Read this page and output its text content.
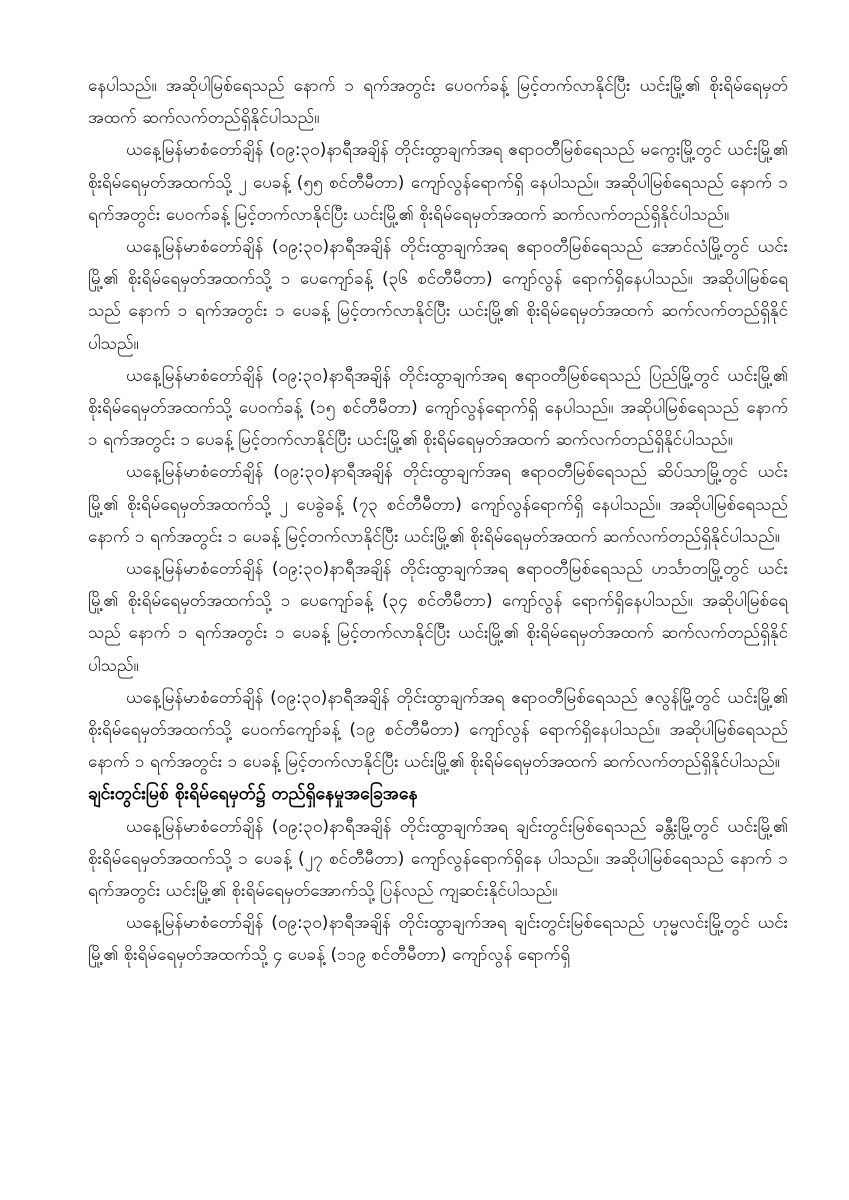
နေပါသည်။ အဆိုပါမြစ်ရေသည် နောက် ၁ ရက်အတွင်း ပေ၀က်ခန့် မြင့်တက်လာနိုင်ပြီး ယင်းမြို့၏ စိုးရိမ်ရေမှတ်အထက် ဆက်လက်တည်ရှိနိုင်ပါသည်။

ယနေ့မြန်မာစံတော်ချိန် (၀၉:၃၀)နာရီအချိန် တိုင်းထွာချက်အရ ဧရာဝတီမြစ်ရေသည် မကွေးမြို့တွင် ယင်းမြို့၏ စိုးရိမ်ရေမှတ်အထက်သို့ ၂ ပေခန့် (၅၅ စင်တီမီတာ) ကျော်လွန်ရောက်ရှိ နေပါသည်။ အဆိုပါမြစ်ရေသည် နောက် ၁ ရက်အတွင်း ပေ၀က်ခန့် မြင့်တက်လာနိုင်ပြီး ယင်းမြို့၏ စိုးရိမ်ရေမှတ်အထက် ဆက်လက်တည်ရှိနိုင်ပါသည်။

ယနေ့မြန်မာစံတော်ချိန် (၀၉:၃၀)နာရီအချိန် တိုင်းထွာချက်အရ ဧရာဝတီမြစ်ရေသည် အောင်လံမြို့တွင် ယင်းမြို့၏ စိုးရိမ်ရေမှတ်အထက်သို့ ၁ ပေကျော်ခန့် (၃၆ စင်တီမီတာ) ကျော်လွန် ရောက်ရှိနေပါသည်။ အဆိုပါမြစ်ရေသည် နောက် ၁ ရက်အတွင်း ၁ ပေခန့် မြင့်တက်လာနိုင်ပြီး ယင်းမြို့၏ စိုးရိမ်ရေမှတ်အထက် ဆက်လက်တည်ရှိနိုင်ပါသည်။

ယနေ့မြန်မာစံတော်ချိန် (၀၉:၃၀)နာရီအချိန် တိုင်းထွာချက်အရ ဧရာဝတီမြစ်ရေသည် ပြည်မြို့တွင် ယင်းမြို့၏ စိုးရိမ်ရေမှတ်အထက်သို့ ပေ၀က်ခန့် (၁၅ စင်တီမီတာ) ကျော်လွန်ရောက်ရှိ နေပါသည်။ အဆိုပါမြစ်ရေသည် နောက် ၁ ရက်အတွင်း ၁ ပေခန့် မြင့်တက်လာနိုင်ပြီး ယင်းမြို့၏ စိုးရိမ်ရေမှတ်အထက် ဆက်လက်တည်ရှိနိုင်ပါသည်။

ယနေ့မြန်မာစံတော်ချိန် (၀၉:၃၀)နာရီအချိန် တိုင်းထွာချက်အရ ဧရာဝတီမြစ်ရေသည် ဆိပ်သာမြို့တွင် ယင်းမြို့၏ စိုးရိမ်ရေမှတ်အထက်သို့ ၂ ပေခွဲခန့် (၇၃ စင်တီမီတာ) ကျော်လွန်ရောက်ရှိ နေပါသည်။ အဆိုပါမြစ်ရေသည် နောက် ၁ ရက်အတွင်း ၁ ပေခန့် မြင့်တက်လာနိုင်ပြီး ယင်းမြို့၏ စိုးရိမ်ရေမှတ်အထက် ဆက်လက်တည်ရှိနိုင်ပါသည်။

ယနေ့မြန်မာစံတော်ချိန် (၀၉:၃၀)နာရီအချိန် တိုင်းထွာချက်အရ ဧရာဝတီမြစ်ရေသည် ဟင်္သာတမြို့တွင် ယင်းမြို့၏ စိုးရိမ်ရေမှတ်အထက်သို့ ၁ ပေကျော်ခန့် (၃၄ စင်တီမီတာ) ကျော်လွန် ရောက်ရှိနေပါသည်။ အဆိုပါမြစ်ရေသည် နောက် ၁ ရက်အတွင်း ၁ ပေခန့် မြင့်တက်လာနိုင်ပြီး ယင်းမြို့၏ စိုးရိမ်ရေမှတ်အထက် ဆက်လက်တည်ရှိနိုင်ပါသည်။

ယနေ့မြန်မာစံတော်ချိန် (၀၉:၃၀)နာရီအချိန် တိုင်းထွာချက်အရ ဧရာဝတီမြစ်ရေသည် ဇလွန်မြို့တွင် ယင်းမြို့၏ စိုးရိမ်ရေမှတ်အထက်သို့ ပေ၀က်ကျော်ခန့် (၁၉ စင်တီမီတာ) ကျော်လွန် ရောက်ရှိနေပါသည်။ အဆိုပါမြစ်ရေသည် နောက် ၁ ရက်အတွင်း ၁ ပေခန့် မြင့်တက်လာနိုင်ပြီး ယင်းမြို့၏ စိုးရိမ်ရေမှတ်အထက် ဆက်လက်တည်ရှိနိုင်ပါသည်။

ချင်းတွင်းမြစ် စိုးရိမ်ရေမှတ်၌ တည်ရှိနေမှုအခြေအနေ

ယနေ့မြန်မာစံတော်ချိန် (၀၉:၃၀)နာရီအချိန် တိုင်းထွာချက်အရ ချင်းတွင်းမြစ်ရေသည် ခန္တီးမြို့တွင် ယင်းမြို့၏ စိုးရိမ်ရေမှတ်အထက်သို့ ၁ ပေခန့် (၂၇ စင်တီမီတာ) ကျော်လွန်ရောက်ရှိနေ ပါသည်။ အဆိုပါမြစ်ရေသည် နောက် ၁ ရက်အတွင်း ယင်းမြို့၏ စိုးရိမ်ရေမှတ်အောက်သို့ ပြန်လည် ကျဆင်းနိုင်ပါသည်။

ယနေ့မြန်မာစံတော်ချိန် (၀၉:၃၀)နာရီအချိန် တိုင်းထွာချက်အရ ချင်းတွင်းမြစ်ရေသည် ဟုမ္မလင်းမြို့တွင် ယင်းမြို့၏ စိုးရိမ်ရေမှတ်အထက်သို့ ၄ ပေခန့် (၁၁၉ စင်တီမီတာ) ကျော်လွန် ရောက်ရှိ
